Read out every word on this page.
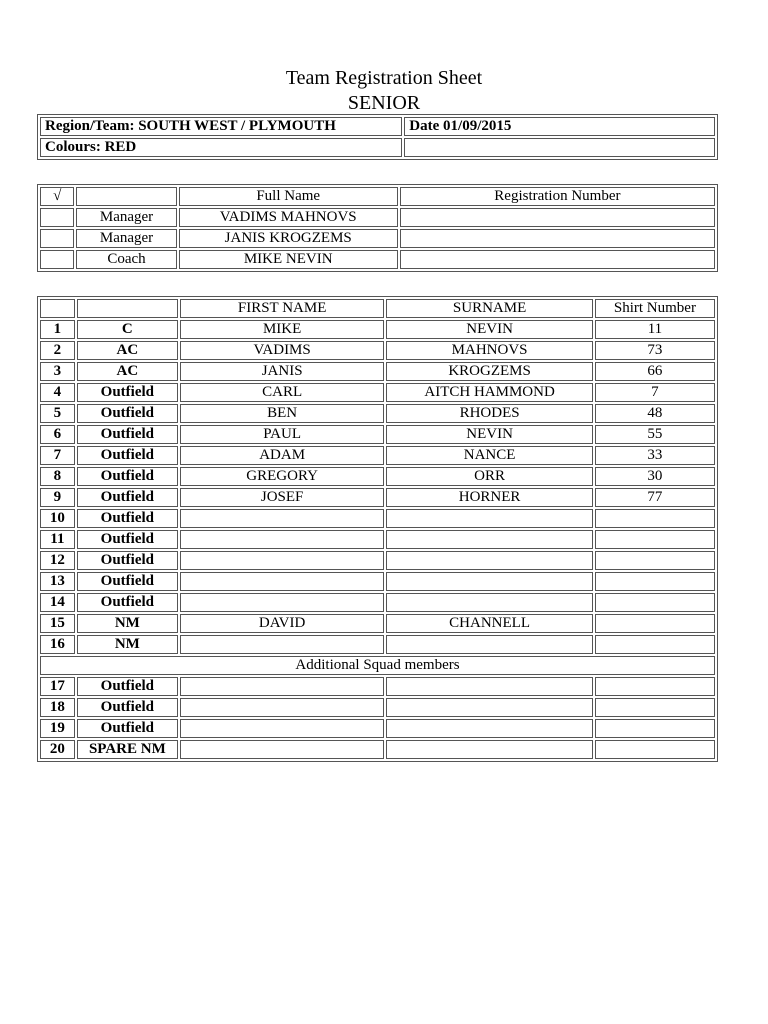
Team Registration Sheet
SENIOR
Region/Team: SOUTH WEST / PLYMOUTH	Date 01/09/2015
Colours: RED	
√		Full Name	Registration Number
	Manager	VADIMS MAHNOVS	
	Manager	JANIS KROGZEMS	
	Coach	MIKE NEVIN	
		FIRST NAME	SURNAME	Shirt Number
1	C	MIKE	NEVIN	11
2	AC	VADIMS	MAHNOVS	73
3	AC	JANIS	KROGZEMS	66
4	Outfield	CARL	AITCH HAMMOND	7
5	Outfield	BEN	RHODES	48
6	Outfield	PAUL	NEVIN	55
7	Outfield	ADAM	NANCE	33
8	Outfield	GREGORY	ORR	30
9	Outfield	JOSEF	HORNER	77
10	Outfield			
11	Outfield			
12	Outfield			
13	Outfield			
14	Outfield			
15	NM	DAVID	CHANNELL	
16	NM			
Additional Squad members				
17	Outfield			
18	Outfield			
19	Outfield			
20	SPARE NM			
